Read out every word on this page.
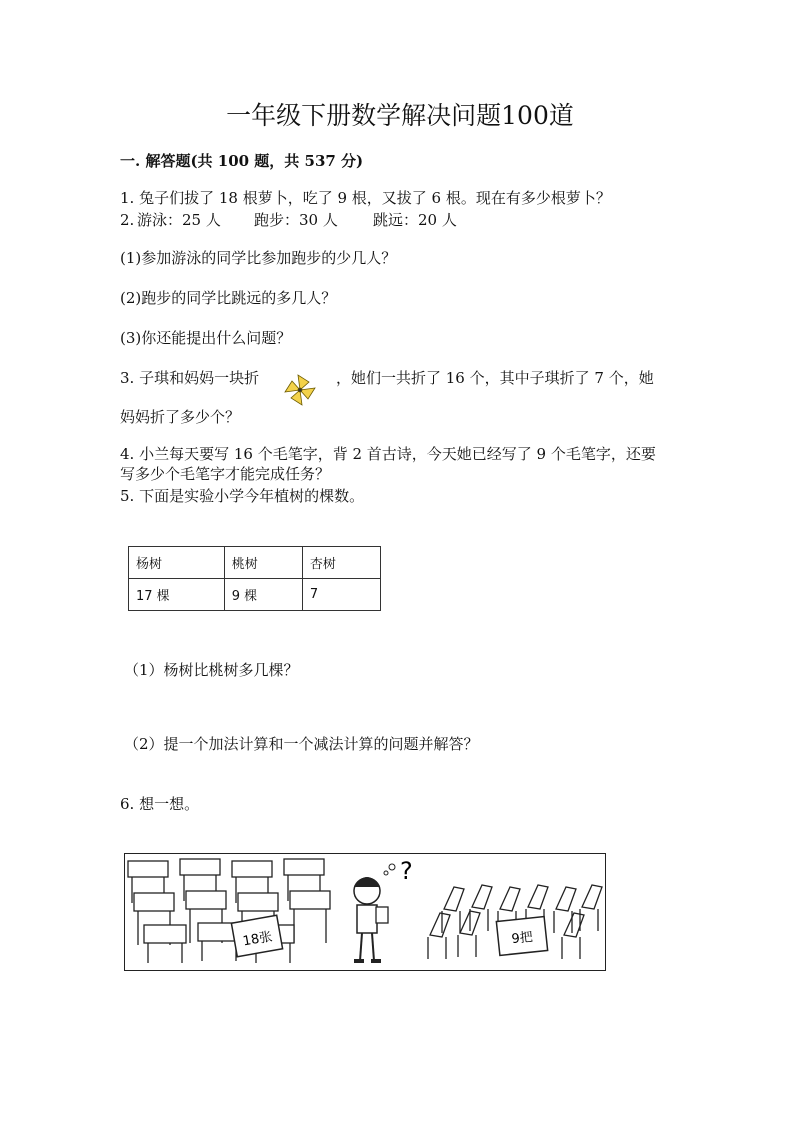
一年级下册数学解决问题100道
一. 解答题(共 100 题，共 537 分)
1. 兔子们拔了 18 根萝卜，吃了 9 根，又拔了 6 根。现在有多少根萝卜？
2. 游泳：25 人 跑步：30 人 跳远：20 人
(1)参加游泳的同学比参加跑步的少几人？
(2)跑步的同学比跳远的多几人？
(3)你还能提出什么问题？
3. 子琪和妈妈一块折	，她们一共折了 16 个，其中子琪折了 7 个，她
妈妈折了多少个？
4. 小兰每天要写 16 个毛笔字，背 2 首古诗，今天她已经写了 9 个毛笔字，还要
写多少个毛笔字才能完成任务？
5. 下面是实验小学今年植树的棵数。
杨树	桃树	杏树
17 棵	9 棵	7
（1）杨树比桃树多几棵？
（2）提一个加法计算和一个减法计算的问题并解答？
6. 想一想。
18张
?
9把
